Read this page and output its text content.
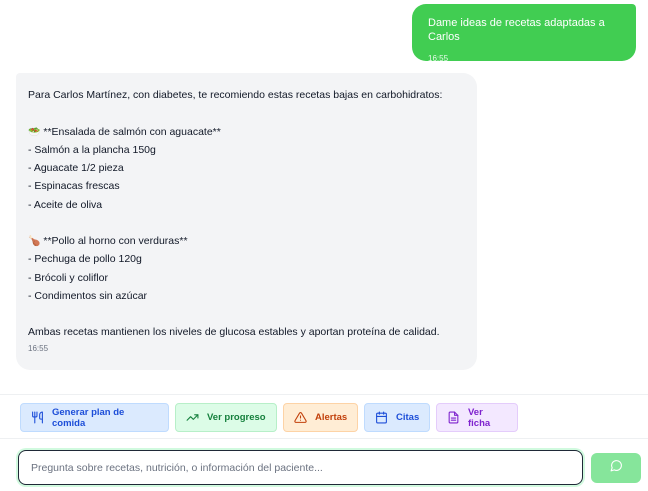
Dame ideas de recetas adaptadas a Carlos
16:55
Para Carlos Martínez, con diabetes, te recomiendo estas recetas bajas en carbohidratos:
🥗 **Ensalada de salmón con aguacate**
- Salmón a la plancha 150g
- Aguacate 1/2 pieza
- Espinacas frescas
- Aceite de oliva
🍗 **Pollo al horno con verduras**
- Pechuga de pollo 120g
- Brócoli y coliflor
- Condimentos sin azúcar
Ambas recetas mantienen los niveles de glucosa estables y aportan proteína de calidad.
16:55
Generar plan de comida	Ver progreso	Alertas	Citas	Ver ficha
Pregunta sobre recetas, nutrición, o información del paciente...
